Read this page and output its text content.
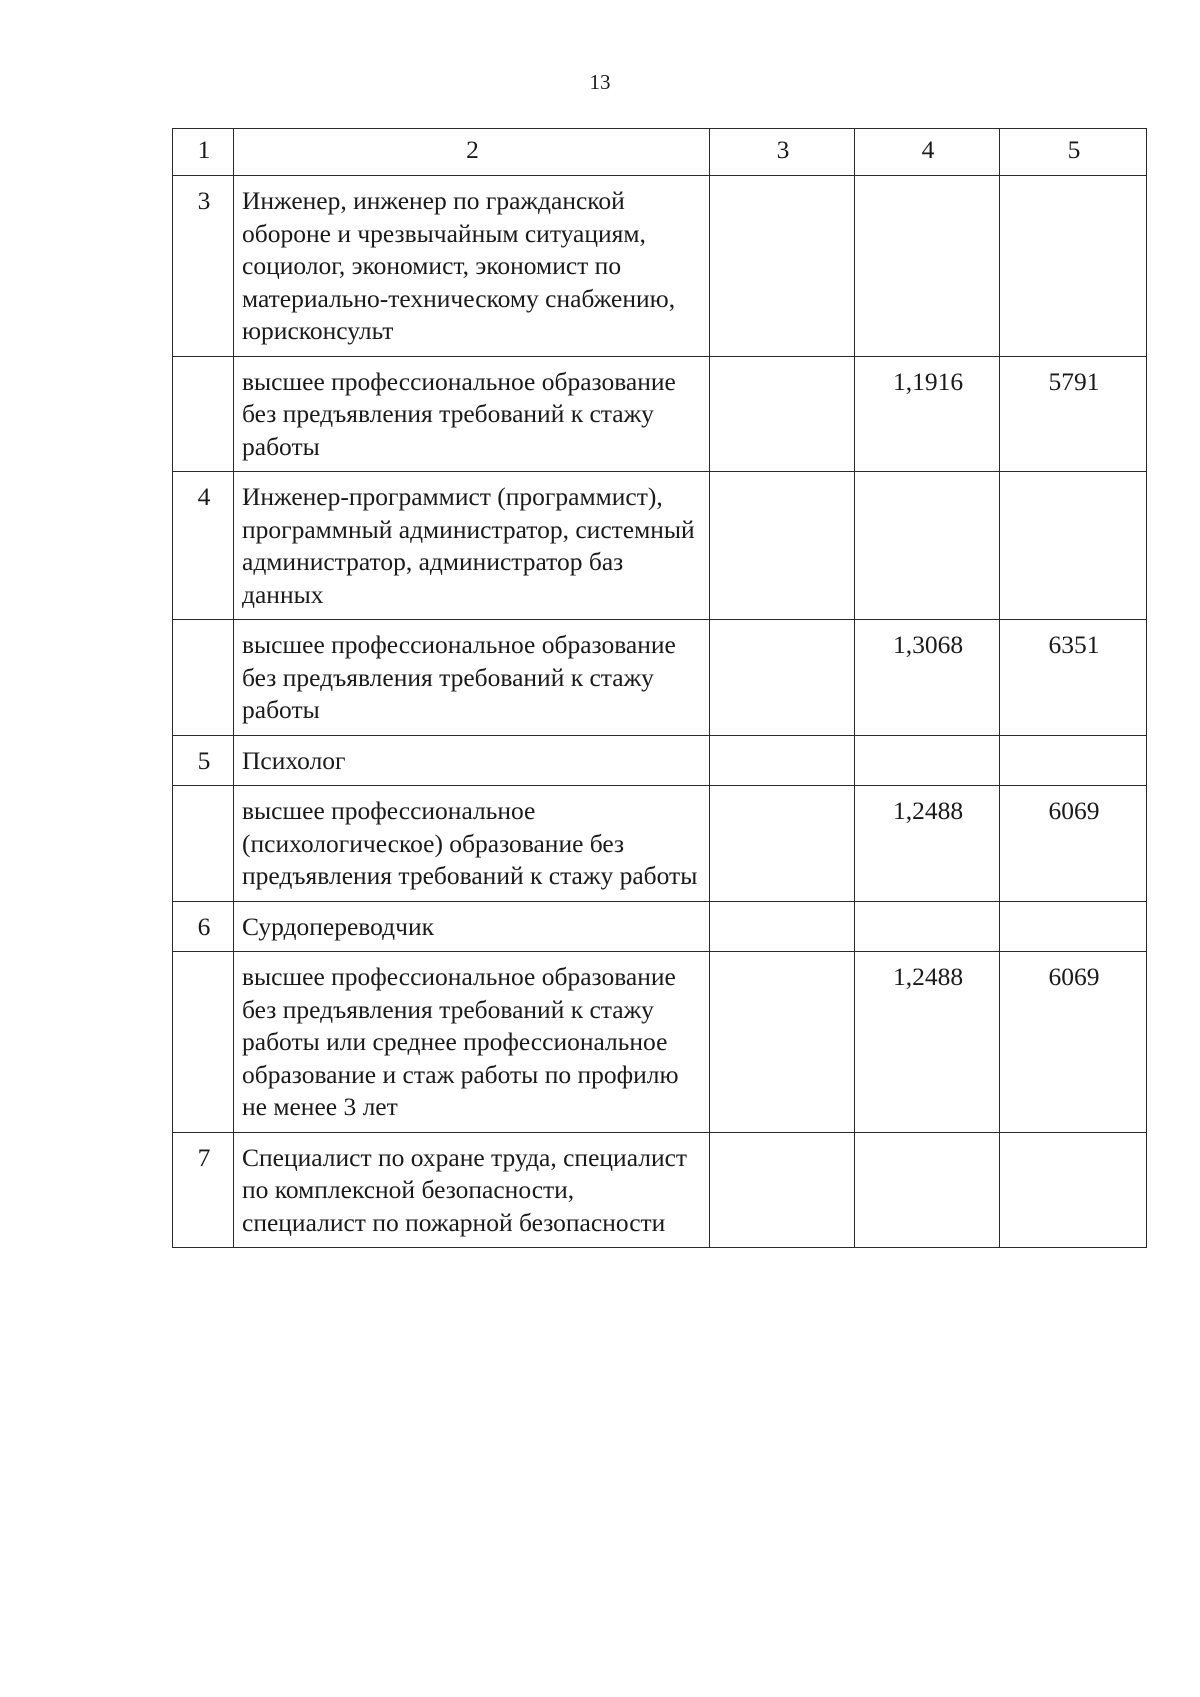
13
1	2	3	4	5
3	Инженер, инженер по гражданской обороне и чрезвычайным ситуациям, социолог, экономист, экономист по материально-техническому снабжению, юрисконсульт			
	высшее профессиональное образование без предъявления требований к стажу работы		1,1916	5791
4	Инженер-программист (программист), программный администратор, системный администратор, администратор баз данных			
	высшее профессиональное образование без предъявления требований к стажу работы		1,3068	6351
5	Психолог			
	высшее профессиональное (психологическое) образование без предъявления требований к стажу работы		1,2488	6069
6	Сурдопереводчик			
	высшее профессиональное образование без предъявления требований к стажу работы или среднее профессиональное образование и стаж работы по профилю не менее 3 лет		1,2488	6069
7	Специалист по охране труда, специалист по комплексной безопасности, специалист по пожарной безопасности			
